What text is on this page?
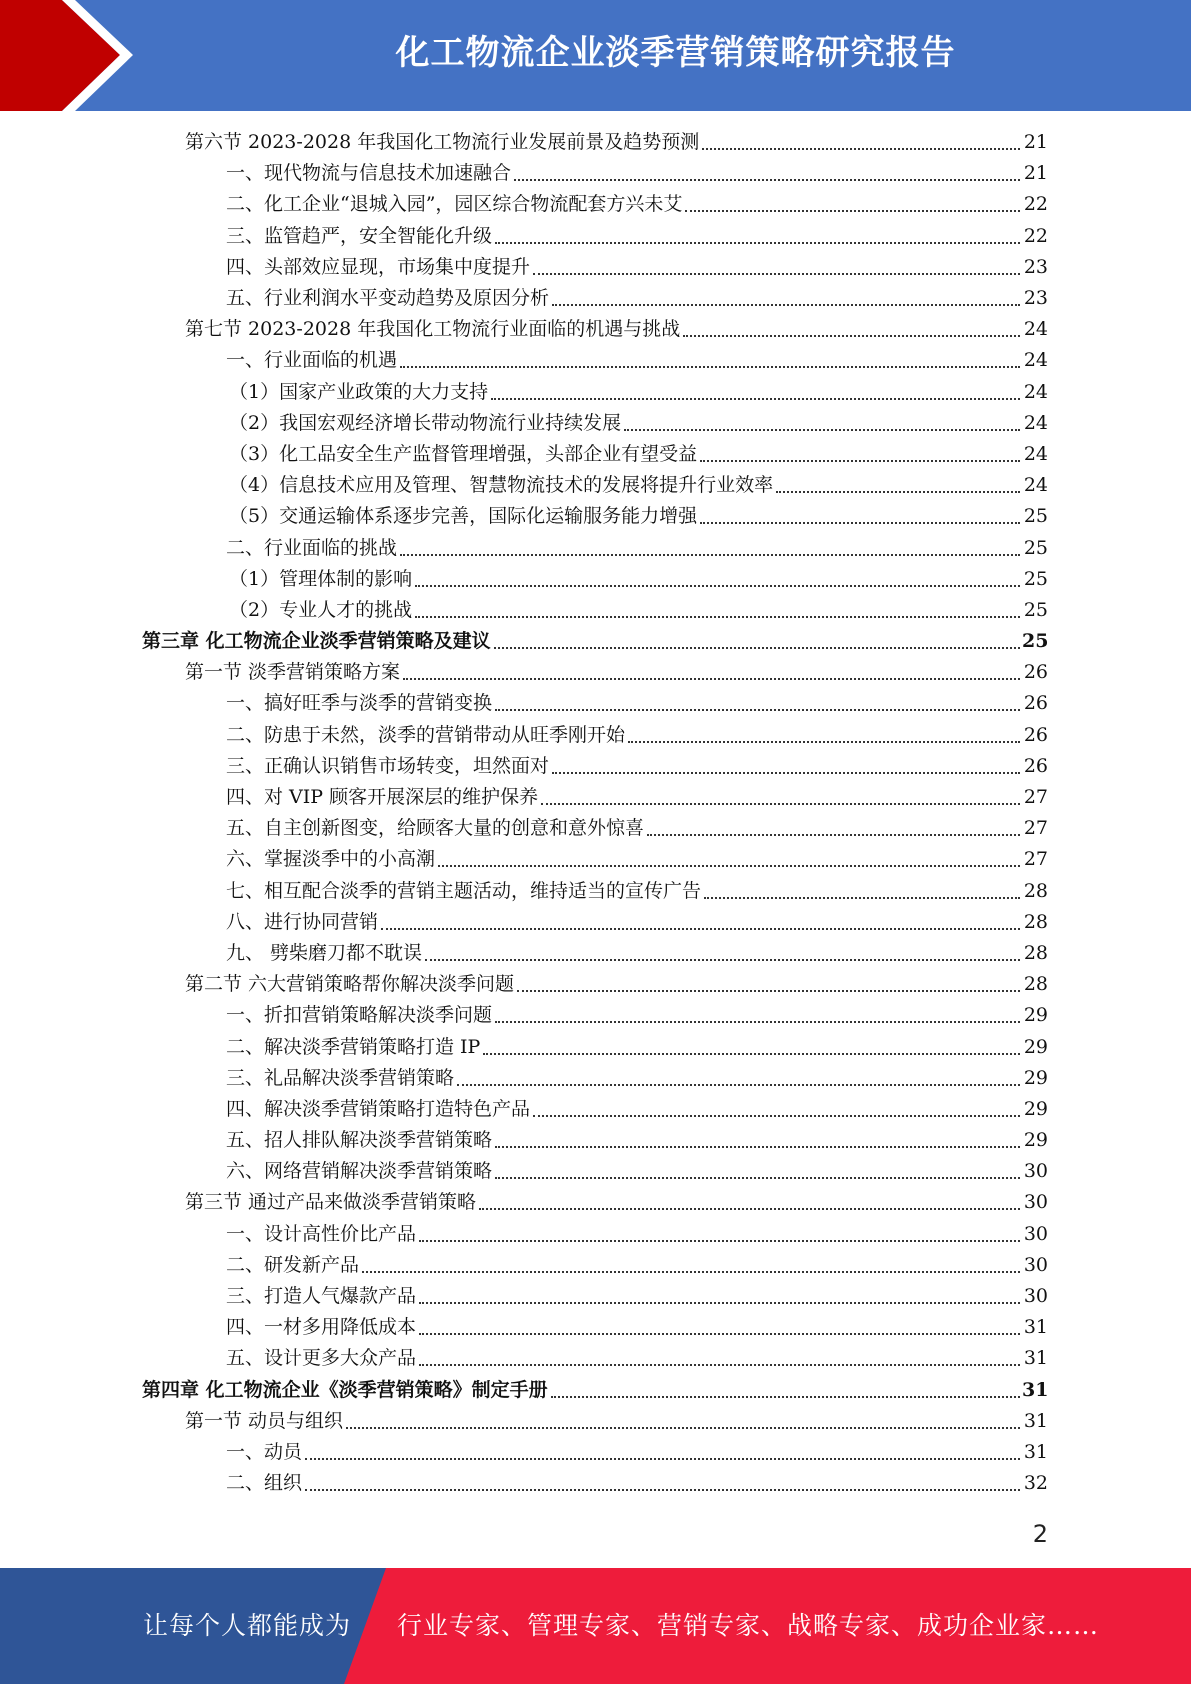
化工物流企业淡季营销策略研究报告
第六节 2023-2028 年我国化工物流行业发展前景及趋势预测	21
一、现代物流与信息技术加速融合	21
二、化工企业“退城入园”，园区综合物流配套方兴未艾	22
三、监管趋严，安全智能化升级	22
四、头部效应显现，市场集中度提升	23
五、行业利润水平变动趋势及原因分析	23
第七节 2023-2028 年我国化工物流行业面临的机遇与挑战	24
一、行业面临的机遇	24
（1）国家产业政策的大力支持	24
（2）我国宏观经济增长带动物流行业持续发展	24
（3）化工品安全生产监督管理增强，头部企业有望受益	24
（4）信息技术应用及管理、智慧物流技术的发展将提升行业效率	24
（5）交通运输体系逐步完善，国际化运输服务能力增强	25
二、行业面临的挑战	25
（1）管理体制的影响	25
（2）专业人才的挑战	25
第三章 化工物流企业淡季营销策略及建议	25
第一节 淡季营销策略方案	26
一、搞好旺季与淡季的营销变换	26
二、防患于未然，淡季的营销带动从旺季刚开始	26
三、正确认识销售市场转变，坦然面对	26
四、对 VIP 顾客开展深层的维护保养	27
五、自主创新图变，给顾客大量的创意和意外惊喜	27
六、掌握淡季中的小高潮	27
七、相互配合淡季的营销主题活动，维持适当的宣传广告	28
八、进行协同营销	28
九、 劈柴磨刀都不耽误	28
第二节 六大营销策略帮你解决淡季问题	28
一、折扣营销策略解决淡季问题	29
二、解决淡季营销策略打造 IP	29
三、礼品解决淡季营销策略	29
四、解决淡季营销策略打造特色产品	29
五、招人排队解决淡季营销策略	29
六、网络营销解决淡季营销策略	30
第三节 通过产品来做淡季营销策略	30
一、设计高性价比产品	30
二、研发新产品	30
三、打造人气爆款产品	30
四、一材多用降低成本	31
五、设计更多大众产品	31
第四章 化工物流企业《淡季营销策略》制定手册	31
第一节 动员与组织	31
一、动员	31
二、组织	32
2
让每个人都能成为 行业专家、管理专家、营销专家、战略专家、成功企业家……
